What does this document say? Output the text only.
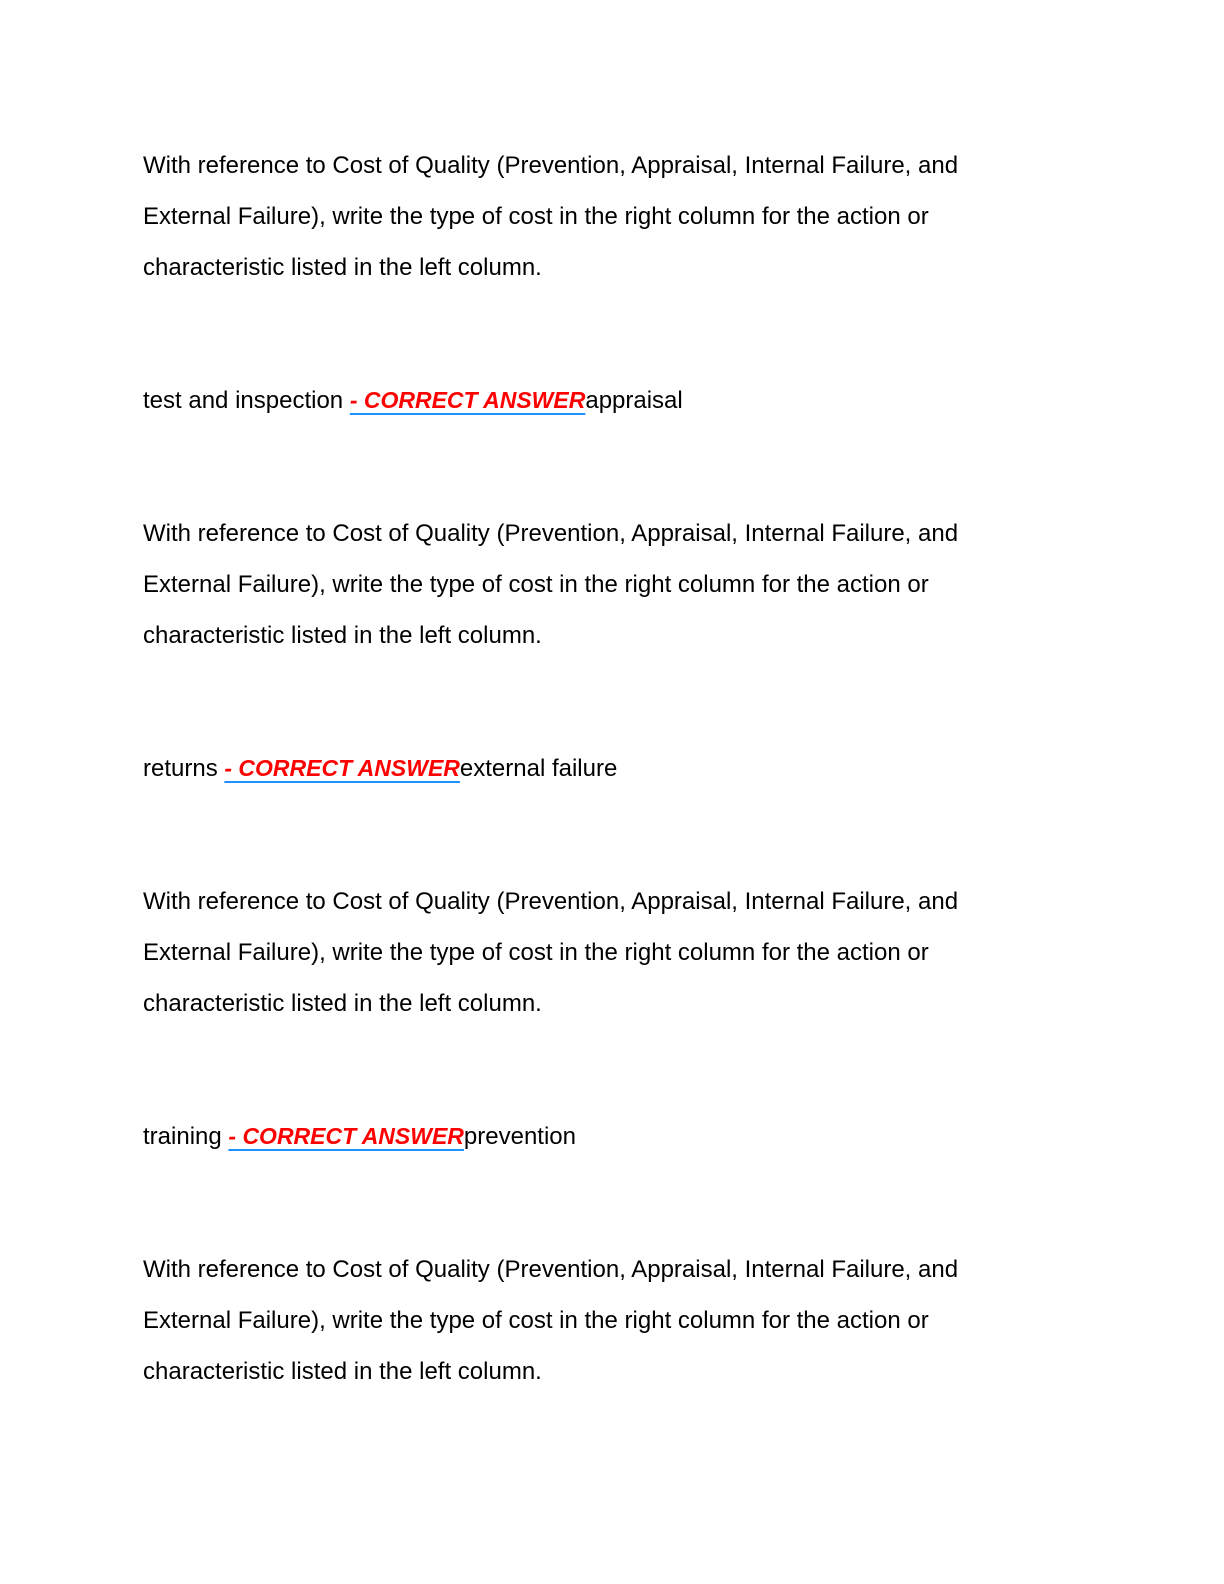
With reference to Cost of Quality (Prevention, Appraisal, Internal Failure, and External Failure), write the type of cost in the right column for the action or characteristic listed in the left column.

test and inspection - CORRECT ANSWERappraisal

With reference to Cost of Quality (Prevention, Appraisal, Internal Failure, and External Failure), write the type of cost in the right column for the action or characteristic listed in the left column.

returns - CORRECT ANSWERexternal failure

With reference to Cost of Quality (Prevention, Appraisal, Internal Failure, and External Failure), write the type of cost in the right column for the action or characteristic listed in the left column.

training - CORRECT ANSWERprevention

With reference to Cost of Quality (Prevention, Appraisal, Internal Failure, and External Failure), write the type of cost in the right column for the action or characteristic listed in the left column.
